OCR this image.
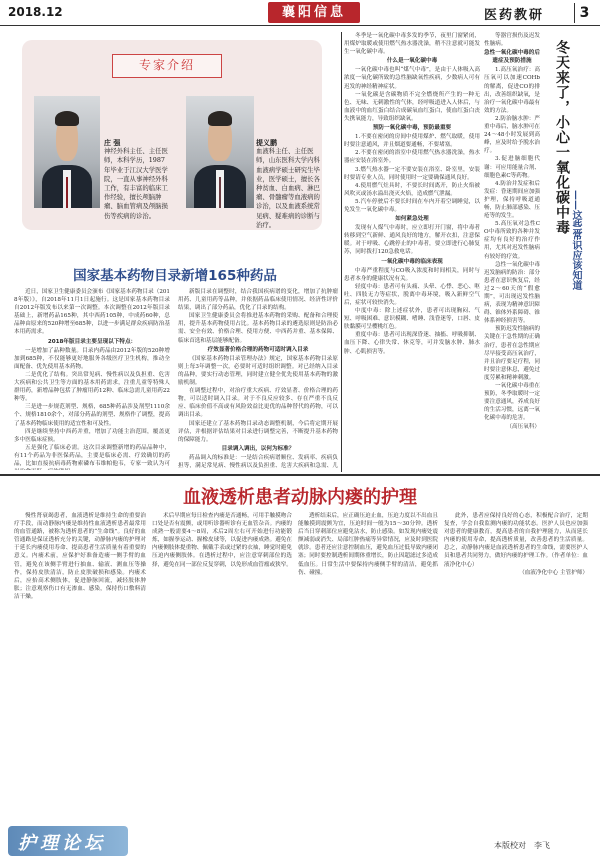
2018.12	襄阳信息	医药教研	3
专家介绍
庄 强
神经外科主任、主任医师，本科学历，1987年毕业于江汉大学医学院，一直从事神经外科工作，有丰富的临床工作经验，擅长颅脑肿瘤、脑血管病及颅脑损伤等疾病的诊治。
提义鹏
血液科主任、主任医师，山东医科大学内科血液病学硕士研究生毕业，医学硕士，擅长各种贫血、白血病、淋巴瘤、骨髓瘤等血液病的诊治，以及血液系统常见病、疑难病的诊断与治疗。
国家基本药物目录新增165种药品

近日，国家卫生健康委员会颁布《国家基本药物目录（2018年版）》，自2018年11月1日起施行。这是国家基本药物目录自2012年版发布以来第一次调整。本次调整在2012年版目录基础上，新增药品165种，其中西药105种，中成药60种，总品种由原来的520种增至685种，以进一步满足群众疾病防治基本用药需求。

2018年版目录主要呈现以下特点：

一是增加了品种数量。目录内药品由2012年版的520种增加到685种，不仅能够更好地服务各级医疗卫生机构，推动全面配备、优先使用基本药物。

二是优化了结构。突出常见病、慢性病以及负担重、危害大疾病和公共卫生等方面的基本用药需求，注重儿童等特殊人群用药，新增品种包括了肿瘤用药12种、临床急需儿童用药22种等。

三是进一步规范剂型、规格，685种药品涉及剂型1110余个、规格1810余个，对部分药品的剂型、规格作了调整，提高了基本药物临床使用的适宜性和可及性。

四是继续坚持中西药并重，增加了功能主治范围，覆盖更多中医临床症候。

五是强化了临床必需。这次目录调整新增的药品品种中，有11个药品为非医保药品，主要是临床必需、疗效确切的药品，比如直接抗病毒药物索磷布韦维帕他韦，专家一致认为可

新版目录在调整时，结合我国疾病谱的变化，增加了抗肿瘤用药、儿童用药等品种，并依据药品临床使用情况、经济性评价结果，调出了部分药品，优化了目录的结构。

国家卫生健康委员会将推进基本药物的采购、配备和合理使用，提升基本药物使用占比。基本药物目录的遴选原则是防治必需、安全有效、价格合理、使用方便、中西药并重、基本保障、临床首选和基层能够配备。

疗效显著价格合理的药物可适时调入目录

《国家基本药物目录管理办法》规定，国家基本药物目录原则上每3年调整一次，必要时可适时组织调整。对已经纳入目录的品种，要实行动态管理，同时建立健全优先使用基本药物的激励机制。

在调整过程中，对治疗重大疾病、疗效显著、价格合理的药物，可以适时调入目录。对于不良反应较多、存在严重不良反应、临床价值不高或有风险效益比更优的品种替代的药物，可以调出目录。

国家还建立了基本药物目录动态调整机制，今后将定期开展评估，并根据评估结果对目录进行调整完善，不断提升基本药物的保障能力。

目录调入调出，以何为标准？

药品调入的标准是：一是结合疾病谱顺位、发病率、疾病负担等，满足常见病、慢性病以及负担重、危害大疾病和急需、儿

冬季是一氧化碳中毒多发的季节，夜里门窗紧闭，用煤炉取暖或使用燃气热水器洗澡，稍不注意就可能发生一氧化碳中毒。

什么是一氧化碳中毒

一氧化碳中毒也叫“煤气中毒”，是由于人体吸入高浓度一氧化碳所致的急性脑缺氧性疾病，少数病人可有迟发的神经精神症状。

一氧化碳是含碳物质不完全燃烧所产生的一种无色、无味、无刺激性的气体，经呼吸道进入人体后，与血液中的血红蛋白结合成碳氧血红蛋白，使血红蛋白丧失携氧能力，导致组织缺氧。

预防一氧化碳中毒，预防最重要

1.不要在密闭的房间中使用煤炉、燃气取暖，使用时要注意通风，并且烟道要通畅，不要堵塞。

2.不要在密闭的浴室中使用燃气热水器洗澡，热水器应安装在浴室外。

3.燃气热水器一定不要安装在浴室、卧室里，安装时要请专业人员，同时使用时一定要确保通风良好。

4.使用燃气灶具时，不要长时间离开，防止火焰被风吹灭或汤水溢出浇灭火焰，造成燃气泄漏。

5.汽车停驶后不要长时间在车内开着空调睡觉，以免发生一氧化碳中毒。

如何紧急处理

发现有人煤气中毒时，应立即打开门窗，将中毒者转移到空气新鲜、通风良好的地方，解开衣扣，注意保暖。对于呼吸、心跳停止的中毒者，要立即进行心肺复苏，同时拨打120急救电话。

一氧化碳中毒的临床表现

中毒严重程度与CO吸入浓度和时间相关，同时与患者本身的健康状况有关。

轻度中毒：患者可有头痛、头晕、心悸、恶心、呕吐、四肢无力等症状，脱离中毒环境，吸入新鲜空气后，症状可较快消失。

中度中毒：除上述症状外，患者可出现胸闷、气短、呼吸困难、意识模糊、嗜睡、浅昏迷等，口唇、皮肤黏膜可呈樱桃红色。

重度中毒：患者可出现深昏迷、抽搐、呼吸抑制、血压下降、心律失常、休克等，可并发脑水肿、肺水肿、心肌损害等。

等器官损伤及迟发性脑病。

急性一氧化碳中毒的后遗症及预防措施

1.高压氧治疗：高压氧可以加速COHb的解离，促进CO的排出，改善组织缺氧，是治疗一氧化碳中毒最有效的方法。

2.防治脑水肿：严重中毒后，脑水肿可在24～48小时发展到高峰，应及时给予脱水治疗。

3.促进脑细胞代谢：可应用能量合剂、细胞色素C等药物。

4.防治并发症和后发症：昏迷期间应加强护理，保持呼吸道通畅，防止肺部感染、压疮等的发生。

5.高压氧对急性CO中毒所致的各种并发症均有良好的治疗作用，尤其对迟发性脑病有较好的疗效。

急性一氧化碳中毒迟发脑病的防治：部分患者在意识恢复后，经过2～60天的“假愈期”，可出现迟发性脑病，表现为精神意识障碍、锥体外系障碍、锥体系神经损害等。

预防迟发性脑病的关键在于急性期的正确治疗，患者在急性期应尽早接受高压氧治疗，并且治疗要足疗程，同时要注意休息，避免过度劳累和精神刺激。

一氧化碳中毒重在预防，冬季取暖时一定要注意通风，养成良好的生活习惯，远离一氧化碳中毒的危害。

（高压氧科）

冬天来了，小心一氧化碳中毒
——这些常识应该知道
血液透析患者动脉内瘘的护理

慢性肾衰竭患者，血液透析是维持生命的重要治疗手段，而动静脉内瘘是维持性血液透析患者最常用的血管通路，被称为透析患者的“生命线”。良好的血管通路是保证透析充分的关键，动静脉内瘘的护理对于延长内瘘使用寿命、提高患者生活质量有着重要的意义。内瘘术前，应保护好准备造瘘一侧手臂的血管，避免在该侧手臂进行抽血、输液、测血压等操作，保持皮肤清洁，防止皮肤破损和感染。内瘘术后，应抬高术侧肢体，促进静脉回流，减轻肢体肿胀；注意观察伤口有无渗血、感染，保持伤口敷料清洁干燥。

术后早期应每日检查内瘘是否通畅，可用手触摸吻合口处是否有震颤，或用听诊器听诊有无血管杂音。内瘘的成熟一般需要4～8周，术后2周左右可开始进行功能锻炼，如握拳运动、握橡皮球等，以促进内瘘成熟。避免在内瘘侧肢体提重物、佩戴手表或过紧的衣袖，睡觉时避免压迫内瘘侧肢体。在透析过程中，应注意穿刺部位的选择，避免在同一部位反复穿刺，以免形成血管瘤或狭窄。

透析结束后，应正确压迫止血，压迫力度以不出血且能触摸到震颤为宜，压迫时间一般为15～30分钟。透析后当日穿刺部位应避免沾水，防止感染。如发现内瘘处震颤减弱或消失、局部红肿热痛等异常情况，应及时到医院就诊。患者还应注意控制血压，避免血压过低导致内瘘闭塞；同时要控制透析间期体重增长，防止因超滤过多造成低血压。日常生活中要保持内瘘侧手臂的清洁，避免抓伤、碰撞。

此外，患者应保持良好的心态，积极配合治疗，定期复查，学会自我监测内瘘的功能状态。医护人员也应加强对患者的健康教育，提高患者的自我护理能力，从而延长内瘘的使用寿命，提高透析质量，改善患者的生活质量。总之，动静脉内瘘是血液透析患者的生命线，需要医护人员和患者共同努力，做好内瘘的护理工作。（作者单位：血液净化中心）

（血液净化中心 主管护师）

护理论坛	本版校对　李飞
